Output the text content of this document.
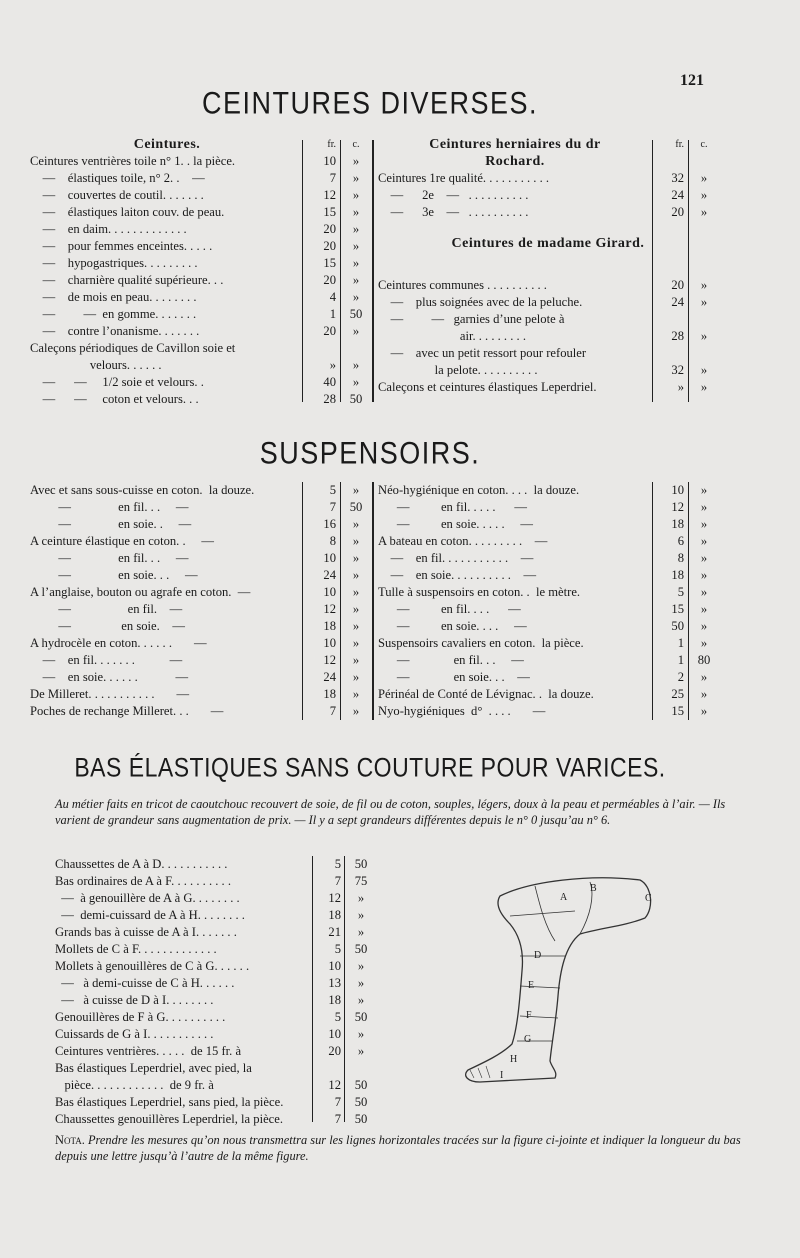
121
CEINTURES DIVERSES.
Ceintures.	fr.	c.
Ceintures ventrières toile n° 1. . la pièce.	10	»
—    élastiques toile, n° 2. .    —	7	»
—    couvertes de coutil. . . . . . .	12	»
—    élastiques laiton couv. de peau.	15	»
—    en daim. . . . . . . . . . . . .	20	»
—    pour femmes enceintes. . . . .	20	»
—    hypogastriques. . . . . . . . .	15	»
—    charnière qualité supérieure. . .	20	»
—    de mois en peau. . . . . . . .	4	»
—         —  en gomme. . . . . . .	1	50
—    contre l’onanisme. . . . . . .	20	»
Caleçons périodiques de Cavillon soie et
velours. . . . . .	»	»
—      —     1/2 soie et velours. .	40	»
—      —     coton et velours. . .	28	50
Ceintures herniaires du dr Rochard.
fr.	c.
Ceintures 1re qualité. . . . . . . . . . .	32	»
—      2e    —   . . . . . . . . . .	24	»
—      3e    —   . . . . . . . . . .	20	»
Ceintures de madame Girard.
Ceintures communes . . . . . . . . . .	20	»
—    plus soignées avec de la peluche.	24	»
—         —   garnies d’une pelote à
air. . . . . . . . .	28	»
—    avec un petit ressort pour refouler
la pelote. . . . . . . . . .	32	»
Caleçons et ceintures élastiques Leperdriel.	»	»
SUSPENSOIRS.
Avec et sans sous-cuisse en coton.  la douze.	5	»
—               en fil. . .     —	7	50
—               en soie. .     —	16	»
A ceinture élastique en coton. .     —	8	»
—               en fil. . .     —	10	»
—               en soie. . .     —	24	»
A l’anglaise, bouton ou agrafe en coton.  —	10	»
—                  en fil.    —	12	»
—                en soie.    —	18	»
A hydrocèle en coton. . . . . .       —	10	»
—    en fil. . . . . . .           —	12	»
—    en soie. . . . . .            —	24	»
De Milleret. . . . . . . . . . .       —	18	»
Poches de rechange Milleret. . .       —	7	»
Néo-hygiénique en coton. . . .  la douze.	10	»
—          en fil. . . . .      —	12	»
—          en soie. . . . .     —	18	»
A bateau en coton. . . . . . . . .    —	6	»
—    en fil. . . . . . . . . . .    —	8	»
—    en soie. . . . . . . . . .    —	18	»
Tulle à suspensoirs en coton. .  le mètre.	5	»
—          en fil. . . .      —	15	»
—          en soie. . . .     —	50	»
Suspensoirs cavaliers en coton.  la pièce.	1	»
—              en fil. . .     —	1	80
—              en soie. . .    —	2	»
Périnéal de Conté de Lévignac. .  la douze.	25	»
Nyo-hygiéniques  d°  . . . .       —	15	»
BAS ÉLASTIQUES SANS COUTURE POUR VARICES.
Au métier faits en tricot de caoutchouc recouvert de soie, de fil ou de coton, souples, légers, doux à la peau et perméables à l’air. — Ils varient de grandeur sans augmentation de prix. — Il y a sept grandeurs différentes depuis le n° 0 jusqu’au n° 6.
Chaussettes de A à D. . . . . . . . . . .	5	50
Bas ordinaires de A à F. . . . . . . . . .	7	75
—  à genouillère de A à G. . . . . . . .	12	»
—  demi-cuissard de A à H. . . . . . . .	18	»
Grands bas à cuisse de A à I. . . . . . .	21	»
Mollets de C à F. . . . . . . . . . . . .	5	50
Mollets à genouillères de C à G. . . . . .	10	»
—   à demi-cuisse de C à H. . . . . .	13	»
—   à cuisse de D à I. . . . . . . .	18	»
Genouillères de F à G. . . . . . . . . .	5	50
Cuissards de G à I. . . . . . . . . . .	10	»
Ceintures ventrières. . . . .  de 15 fr. à	20	»
Bas élastiques Leperdriel, avec pied, la
pièce. . . . . . . . . . . .  de 9 fr. à	12	50
Bas élastiques Leperdriel, sans pied, la pièce.	7	50
Chaussettes genouillères Leperdriel, la pièce.	7	50
A
B
C
D
E
F
G
H
I
Nota. Prendre les mesures qu’on nous transmettra sur les lignes horizontales tracées sur la figure ci-jointe et indiquer la longueur du bas depuis une lettre jusqu’à l’autre de la même figure.
